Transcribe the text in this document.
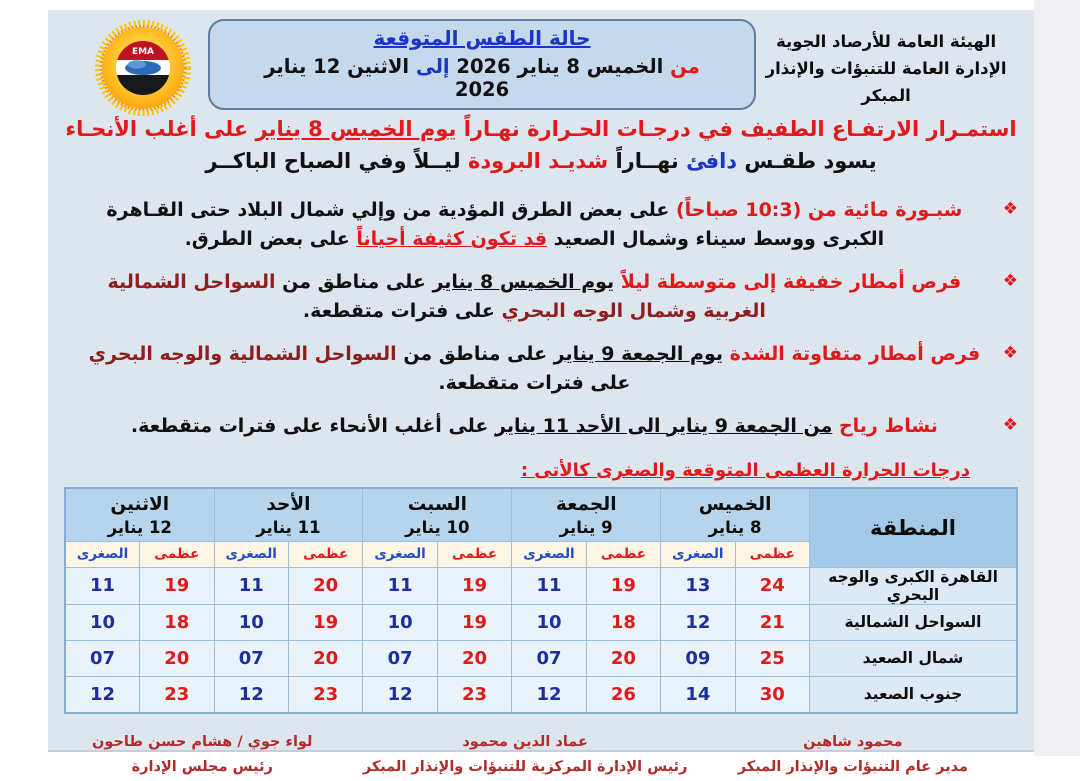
الهيئة العامة للأرصاد الجوية
الإدارة العامة للتنبؤات والإنذار المبكر
حالة الطقس المتوقعة
من الخميس 8 يناير 2026 إلى الاثنين 12 يناير 2026
EMA
استمـرار الارتفـاع الطفيف في درجـات الحـرارة نهـاراً يوم الخميس 8 يناير على أغلب الأنحـاء
يسود طقـس دافئ نهــاراً شديـد البرودة ليــلاً وفي الصباح الباكــر
❖
شبـورة مائية من (10:3 صباحاً) على بعض الطرق المؤدية من وإلي شمال البلاد حتى القـاهرة الكبرى ووسط سيناء وشمال الصعيد قد تكون كثيفة أحياناً على بعض الطرق.
❖
فرص أمطار خفيفة إلى متوسطة ليلاً يوم الخميس 8 يناير على مناطق من السواحل الشمالية الغربية وشمال الوجه البحري على فترات متقطعة.
❖
فرص أمطار متفاوتة الشدة يوم الجمعة 9 يناير على مناطق من السواحل الشمالية والوجه البحري على فترات متقطعة.
❖
نشاط رياح من الجمعة 9 يناير الى الأحد 11 يناير على أغلب الأنحاء على فترات متقطعة.
درجات الحرارة العظمى المتوقعة والصغرى كالأتى :
المنطقة	
الخميس
8 يناير

الجمعة
9 يناير

السبت
10 يناير

الأحد
11 يناير

الاثنين
12 يناير

	عظمى	الصغرى	عظمى	الصغرى	عظمى	الصغرى	عظمى	الصغرى	عظمى	الصغرى
القاهرة الكبرى والوجه البحري	24	13	19	11	19	11	20	11	19	11
السواحل الشمالية	21	12	18	10	19	10	19	10	18	10
شمال الصعيد	25	09	20	07	20	07	20	07	20	07
جنوب الصعيد	30	14	26	12	23	12	23	12	23	12
محمود شاهين
مدير عام التنبؤات والإنذار المبكر
عماد الدين محمود
رئيس الإدارة المركزية للتنبؤات والإنذار المبكر
لواء جوي / هشام حسن طاحون
رئيس مجلس الإدارة
